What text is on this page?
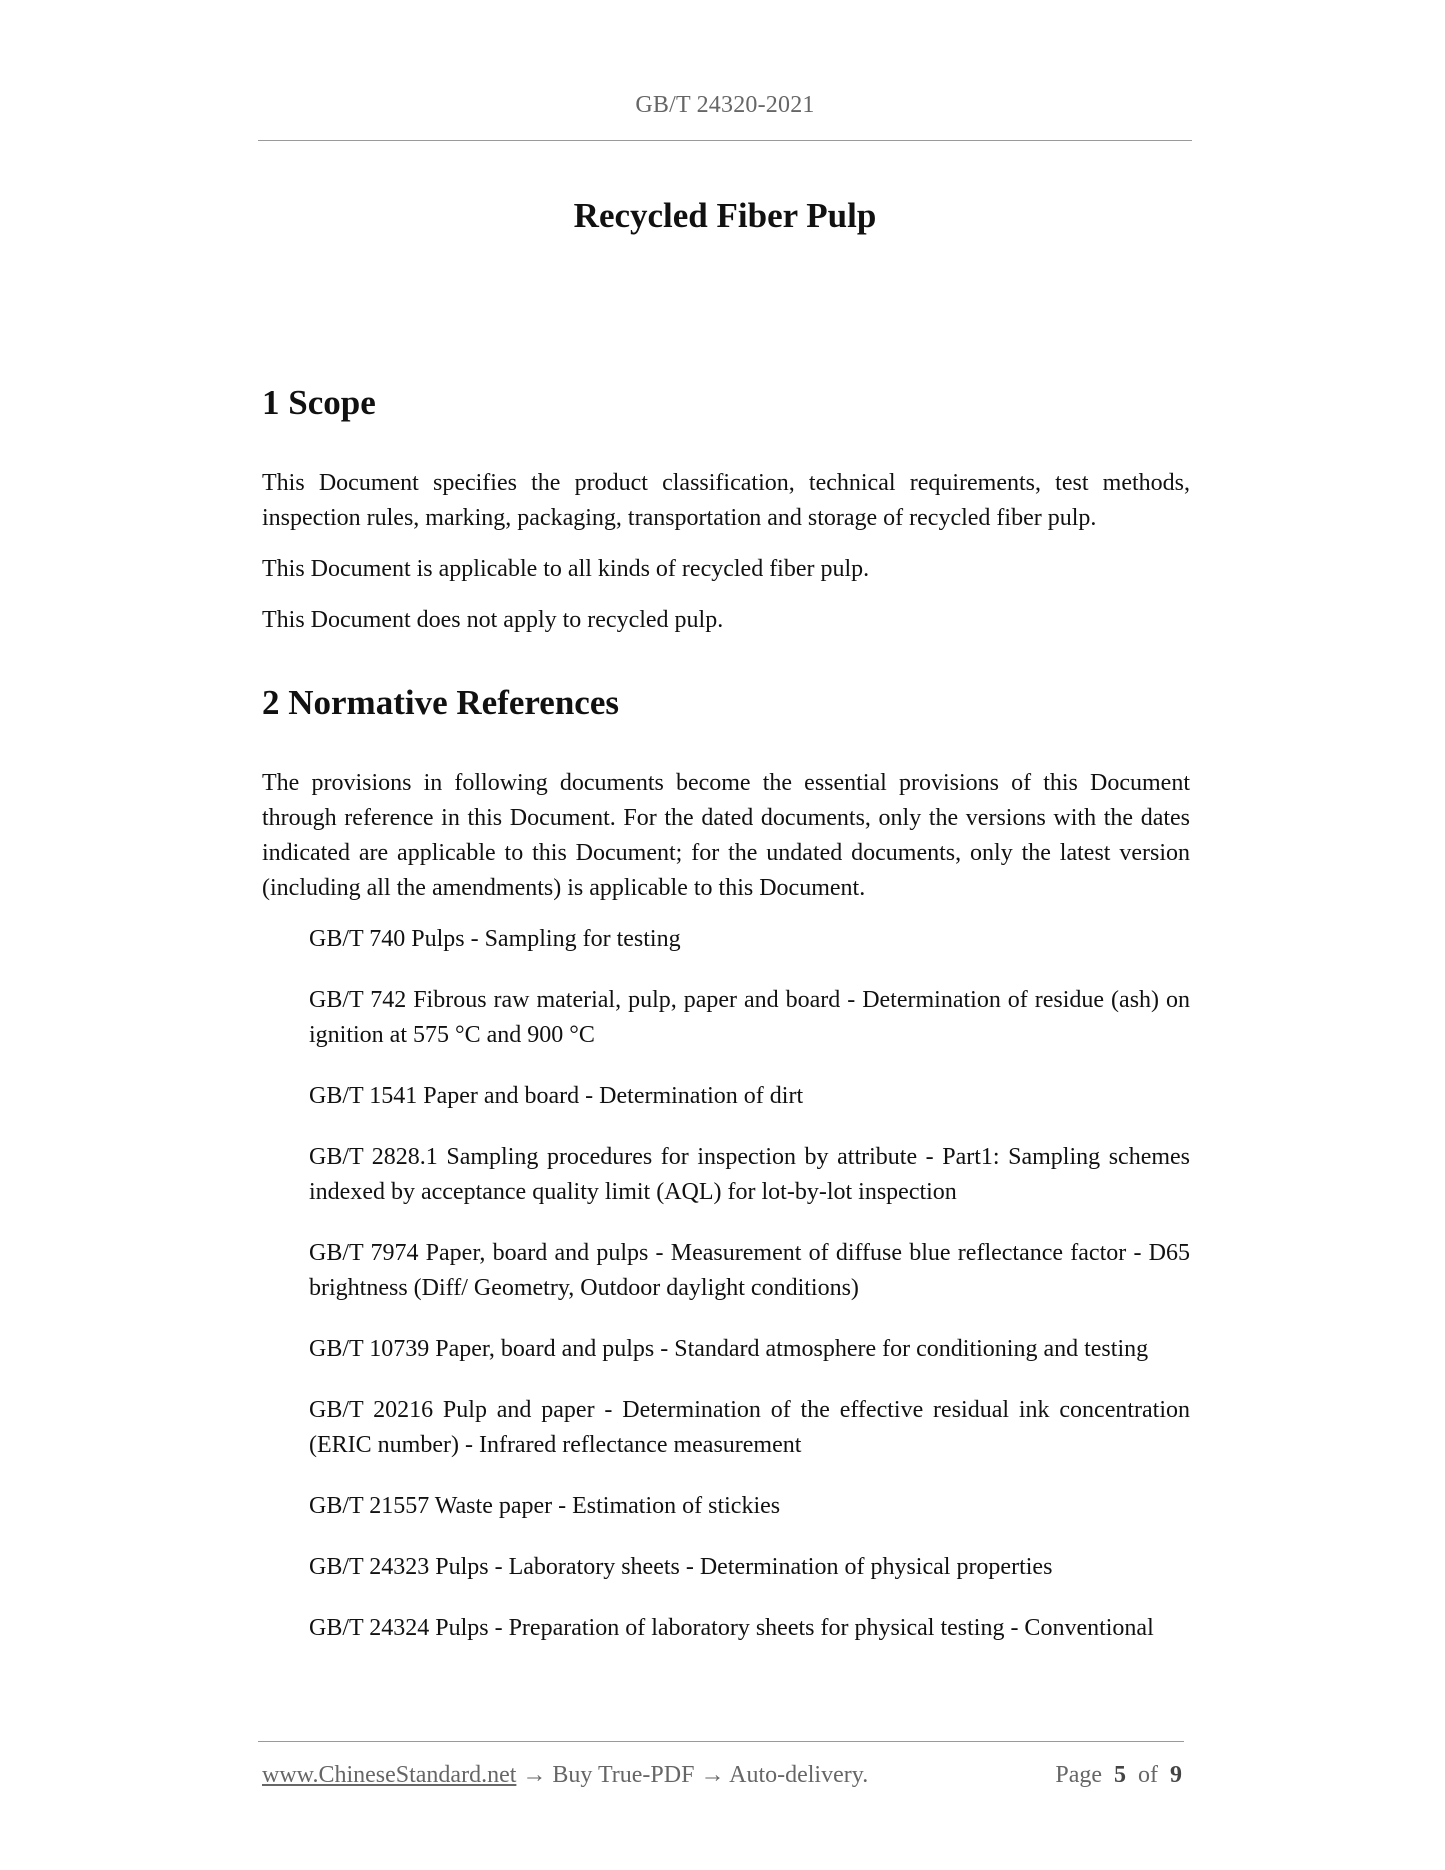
GB/T 24320-2021
Recycled Fiber Pulp
1 Scope

This Document specifies the product classification, technical requirements, test methods, inspection rules, marking, packaging, transportation and storage of recycled fiber pulp.

This Document is applicable to all kinds of recycled fiber pulp.

This Document does not apply to recycled pulp.

2 Normative References

The provisions in following documents become the essential provisions of this Document through reference in this Document. For the dated documents, only the versions with the dates indicated are applicable to this Document; for the undated documents, only the latest version (including all the amendments) is applicable to this Document.

GB/T 740 Pulps - Sampling for testing
GB/T 742 Fibrous raw material, pulp, paper and board - Determination of residue (ash) on ignition at 575 °C and 900 °C
GB/T 1541 Paper and board - Determination of dirt
GB/T 2828.1 Sampling procedures for inspection by attribute - Part1: Sampling schemes indexed by acceptance quality limit (AQL) for lot-by-lot inspection
GB/T 7974 Paper, board and pulps - Measurement of diffuse blue reflectance factor - D65 brightness (Diff/ Geometry, Outdoor daylight conditions)
GB/T 10739 Paper, board and pulps - Standard atmosphere for conditioning and testing
GB/T 20216 Pulp and paper - Determination of the effective residual ink concentration (ERIC number) - Infrared reflectance measurement
GB/T 21557 Waste paper - Estimation of stickies
GB/T 24323 Pulps - Laboratory sheets - Determination of physical properties
GB/T 24324 Pulps - Preparation of laboratory sheets for physical testing - Conventional
www.ChineseStandard.net → Buy True-PDF → Auto-delivery.	Page 5 of 9
